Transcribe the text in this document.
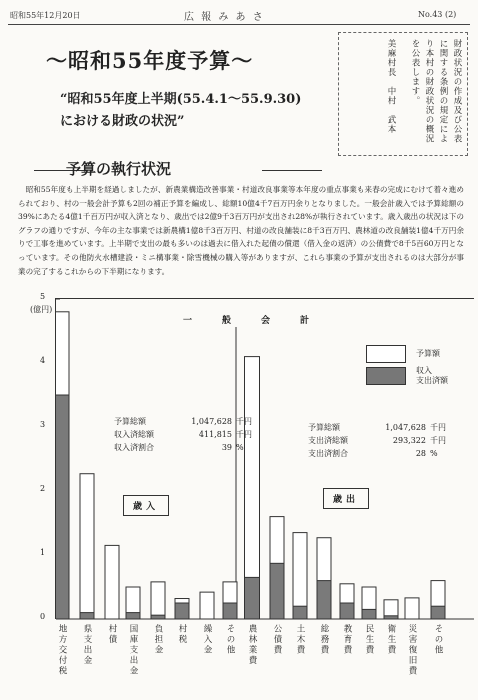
昭和55年12月20日	広 報 み あ さ	No.43 (2)
〜昭和55年度予算〜
“昭和55年度上半期(55.4.1〜55.9.30)
における財政の状況”	財政状況の作成及び公表
に関する条例の規定によ
り本村の財政状況の概況
を公表します。
美麻村長　中村　武本
予算の執行状況
昭和55年度も上半期を経過しましたが、新農業構造改善事業・村道改良事業等本年度の重点事業も来春の完成にむけて着々進められており、村の一般会計予算も2回の補正予算を編成し、総額10億4千7百万円余りとなりました。一般会計歳入では予算総額の39%にあたる4億1千百万円が収入済となり、歳出では2億9千3百万円が支出され28%が執行されています。歳入歳出の状況は下のグラフの通りですが、今年の主な事業では新農構1億8千3百万円、村道の改良舗装に8千3百万円、農林道の改良舗装1億4千万円余りで工事を進めています。上半期で支出の最も多いのは過去に借入れた起債の償還（借入金の返済）の公債費で8千5百60万円となっています。その他防火水槽建設・ミニ構事業・除雪機械の購入等がありますが、これら事業の予算が支出されるのは大部分が事業の完了するこれからの下半期になります。
5
(億円)
4
3
2
1
0
一般会計
予算額
収入
支出済額
予算総額	1,047,628 千円
収入済総額	411,815 千円
収入済割合	39 %
予算総額	1,047,628 千円
支出済総額	293,322 千円
支出済割合	28 %
歳入
歳出
地方交付税 県支出金 村債 国庫支出金 負担金 村税 繰入金 その他 農林業費 公債費 土木費 総務費 教育費 民生費 衛生費 災害復旧費 その他
